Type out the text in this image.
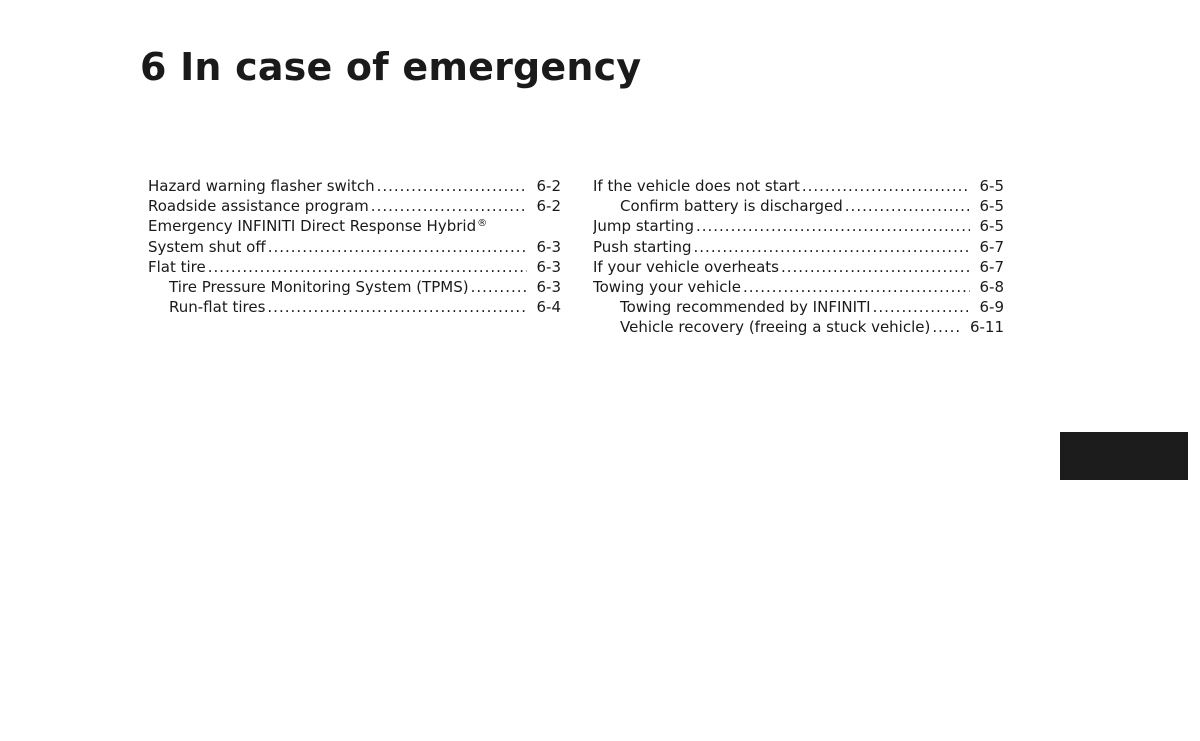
6 In case of emergency
Hazard warning flasher switch .....	6-2
Roadside assistance program .....	6-2
Emergency INFINITI Direct Response Hybrid®
System shut off .....	6-3
Flat tire .....	6-3
Tire Pressure Monitoring System (TPMS) .....	6-3
Run-flat tires .....	6-4
If the vehicle does not start .....	6-5
Confirm battery is discharged .....	6-5
Jump starting .....	6-5
Push starting .....	6-7
If your vehicle overheats .....	6-7
Towing your vehicle .....	6-8
Towing recommended by INFINITI .....	6-9
Vehicle recovery (freeing a stuck vehicle) .....	6-11
